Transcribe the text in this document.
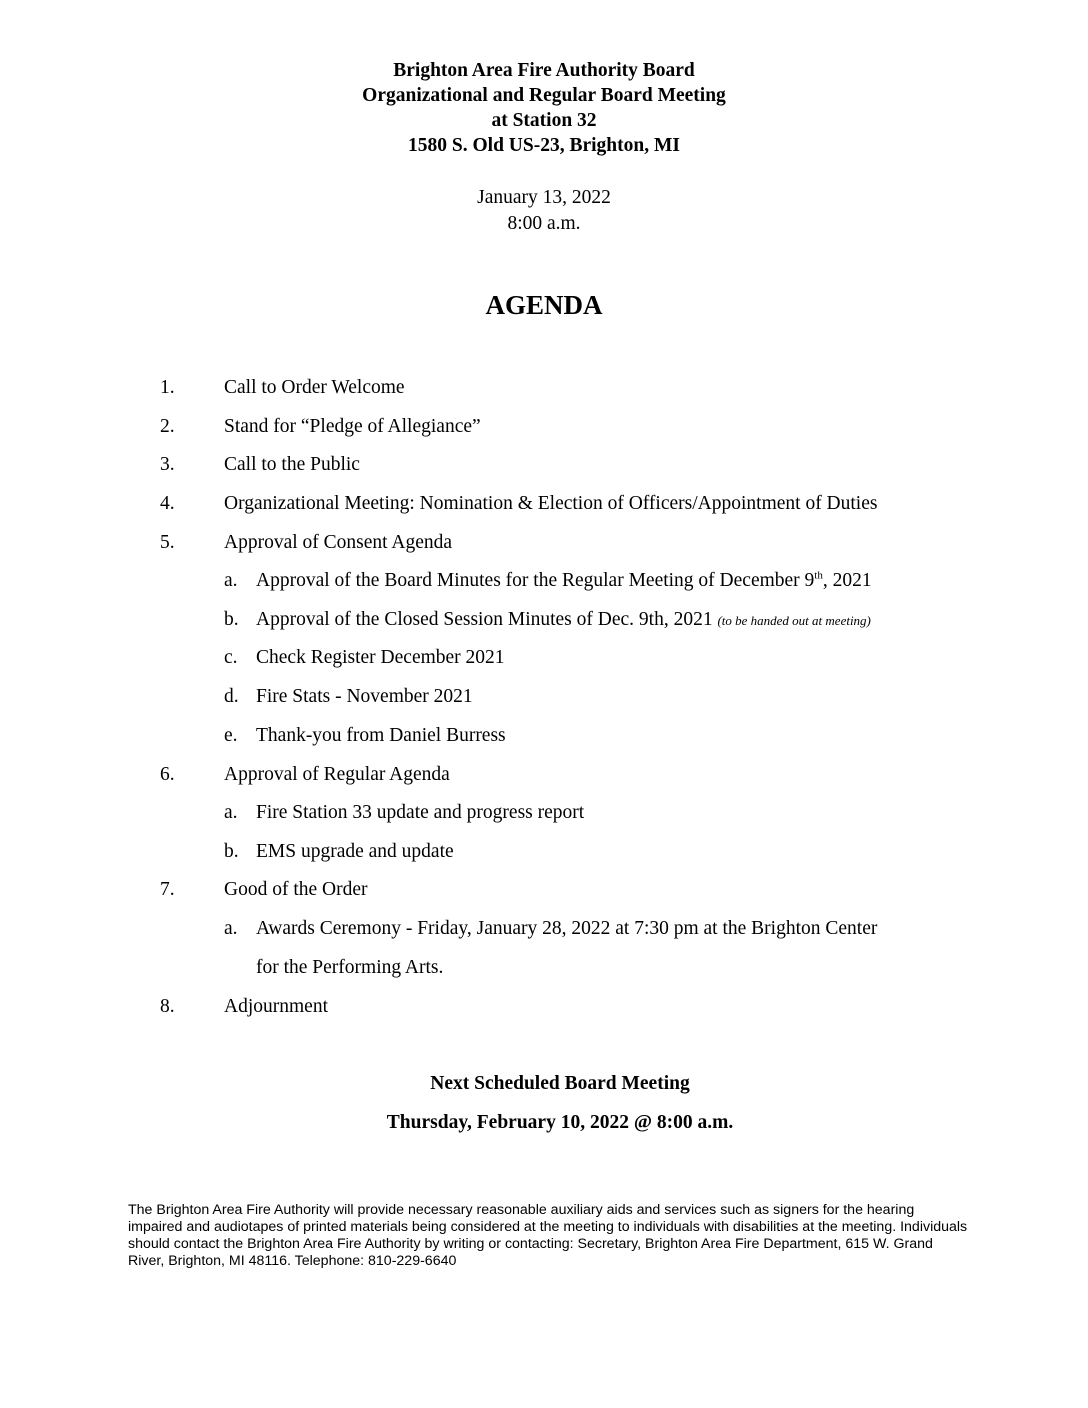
Brighton Area Fire Authority Board
Organizational and Regular Board Meeting
at Station 32
1580 S. Old US-23, Brighton, MI
January 13, 2022
8:00 a.m.
AGENDA
1.	Call to Order Welcome
2.	Stand for “Pledge of Allegiance”
3.	Call to the Public
4.	Organizational Meeting: Nomination & Election of Officers/Appointment of Duties
5.	Approval of Consent Agenda
a. Approval of the Board Minutes for the Regular Meeting of December 9th, 2021
b. Approval of the Closed Session Minutes of Dec. 9th, 2021 (to be handed out at meeting)
c. Check Register December 2021
d. Fire Stats - November 2021
e. Thank-you from Daniel Burress
6.	Approval of Regular Agenda
a. Fire Station 33 update and progress report
b. EMS upgrade and update
7.	Good of the Order
a. Awards Ceremony - Friday, January 28, 2022 at 7:30 pm at the Brighton Center
for the Performing Arts.
8.	Adjournment
Next Scheduled Board Meeting
Thursday, February 10, 2022 @ 8:00 a.m.
The Brighton Area Fire Authority will provide necessary reasonable auxiliary aids and services such as signers for the hearing impaired and audiotapes of printed materials being considered at the meeting to individuals with disabilities at the meeting. Individuals should contact the Brighton Area Fire Authority by writing or contacting: Secretary, Brighton Area Fire Department, 615 W. Grand River, Brighton, MI 48116. Telephone: 810-229-6640
